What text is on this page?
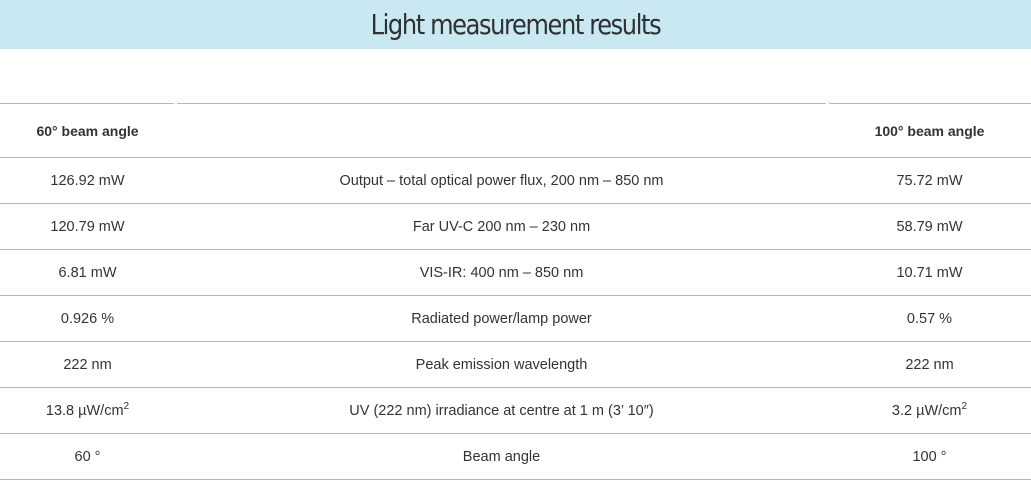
Light measurement results
60° beam angle		100° beam angle
126.92 mW	Output – total optical power flux, 200 nm – 850 nm	75.72 mW
120.79 mW	Far UV-C 200 nm – 230 nm	58.79 mW
6.81 mW	VIS-IR: 400 nm – 850 nm	10.71 mW
0.926 %	Radiated power/lamp power	0.57 %
222 nm	Peak emission wavelength	222 nm
13.8 $\mu W/cm^2$	UV (222 nm) irradiance at centre at 1 m (3’ 10″)	3.2 $\mu W/cm^2$
60 °	Beam angle	100 °
